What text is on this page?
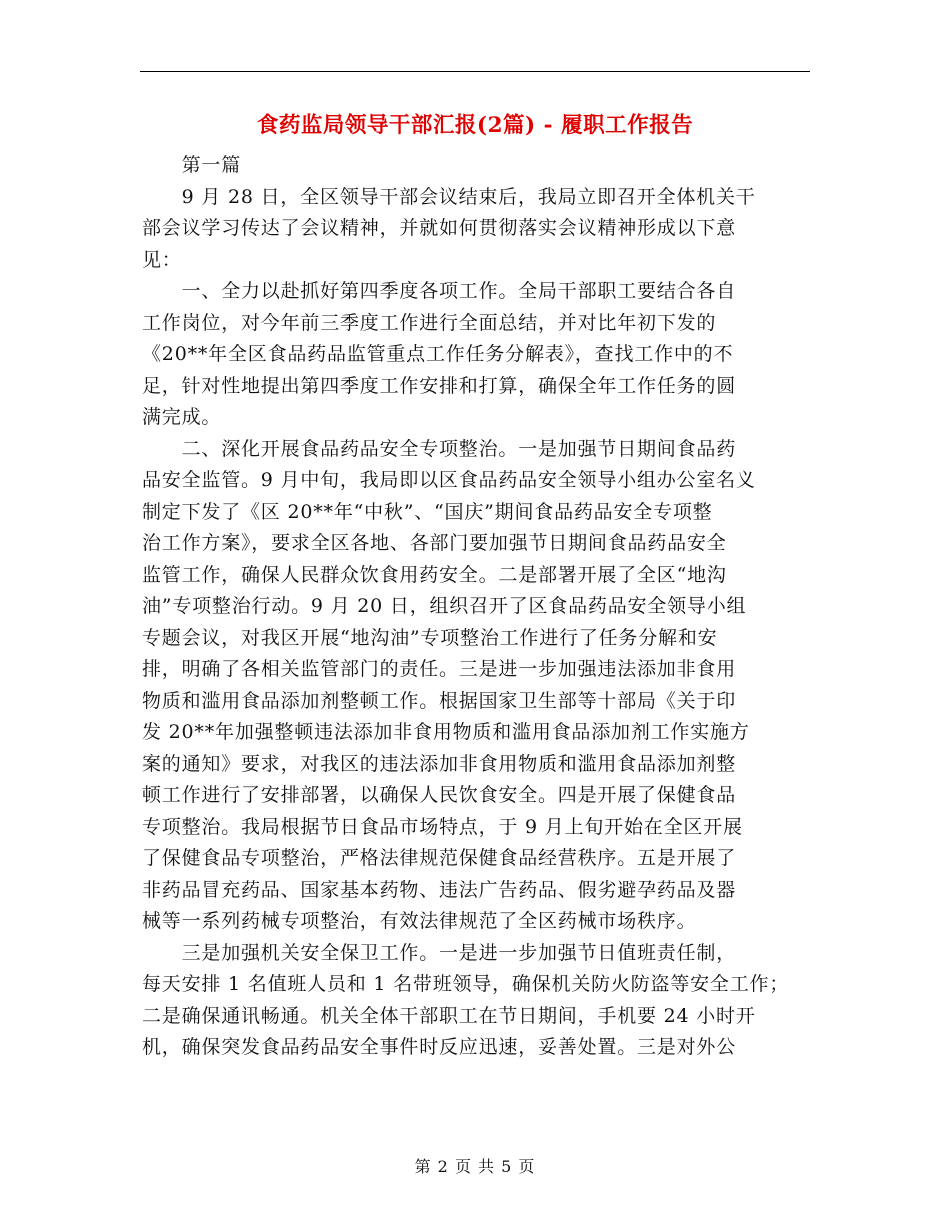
食药监局领导干部汇报(2篇) - 履职工作报告
　　第一篇
　　9 月 28 日，全区领导干部会议结束后，我局立即召开全体机关干
部会议学习传达了会议精神，并就如何贯彻落实会议精神形成以下意
见：
　　一、全力以赴抓好第四季度各项工作。全局干部职工要结合各自
工作岗位，对今年前三季度工作进行全面总结，并对比年初下发的
《20**年全区食品药品监管重点工作任务分解表》，查找工作中的不
足，针对性地提出第四季度工作安排和打算，确保全年工作任务的圆
满完成。
　　二、深化开展食品药品安全专项整治。一是加强节日期间食品药
品安全监管。9 月中旬，我局即以区食品药品安全领导小组办公室名义
制定下发了《区 20**年“中秋”、“国庆”期间食品药品安全专项整
治工作方案》，要求全区各地、各部门要加强节日期间食品药品安全
监管工作，确保人民群众饮食用药安全。二是部署开展了全区“地沟
油”专项整治行动。9 月 20 日，组织召开了区食品药品安全领导小组
专题会议，对我区开展“地沟油”专项整治工作进行了任务分解和安
排，明确了各相关监管部门的责任。三是进一步加强违法添加非食用
物质和滥用食品添加剂整顿工作。根据国家卫生部等十部局《关于印
发 20**年加强整顿违法添加非食用物质和滥用食品添加剂工作实施方
案的通知》要求，对我区的违法添加非食用物质和滥用食品添加剂整
顿工作进行了安排部署，以确保人民饮食安全。四是开展了保健食品
专项整治。我局根据节日食品市场特点，于 9 月上旬开始在全区开展
了保健食品专项整治，严格法律规范保健食品经营秩序。五是开展了
非药品冒充药品、国家基本药物、违法广告药品、假劣避孕药品及器
械等一系列药械专项整治，有效法律规范了全区药械市场秩序。
　　三是加强机关安全保卫工作。一是进一步加强节日值班责任制，
每天安排 1 名值班人员和 1 名带班领导，确保机关防火防盗等安全工作；
二是确保通讯畅通。机关全体干部职工在节日期间，手机要 24 小时开
机，确保突发食品药品安全事件时反应迅速，妥善处置。三是对外公
第 2 页 共 5 页
